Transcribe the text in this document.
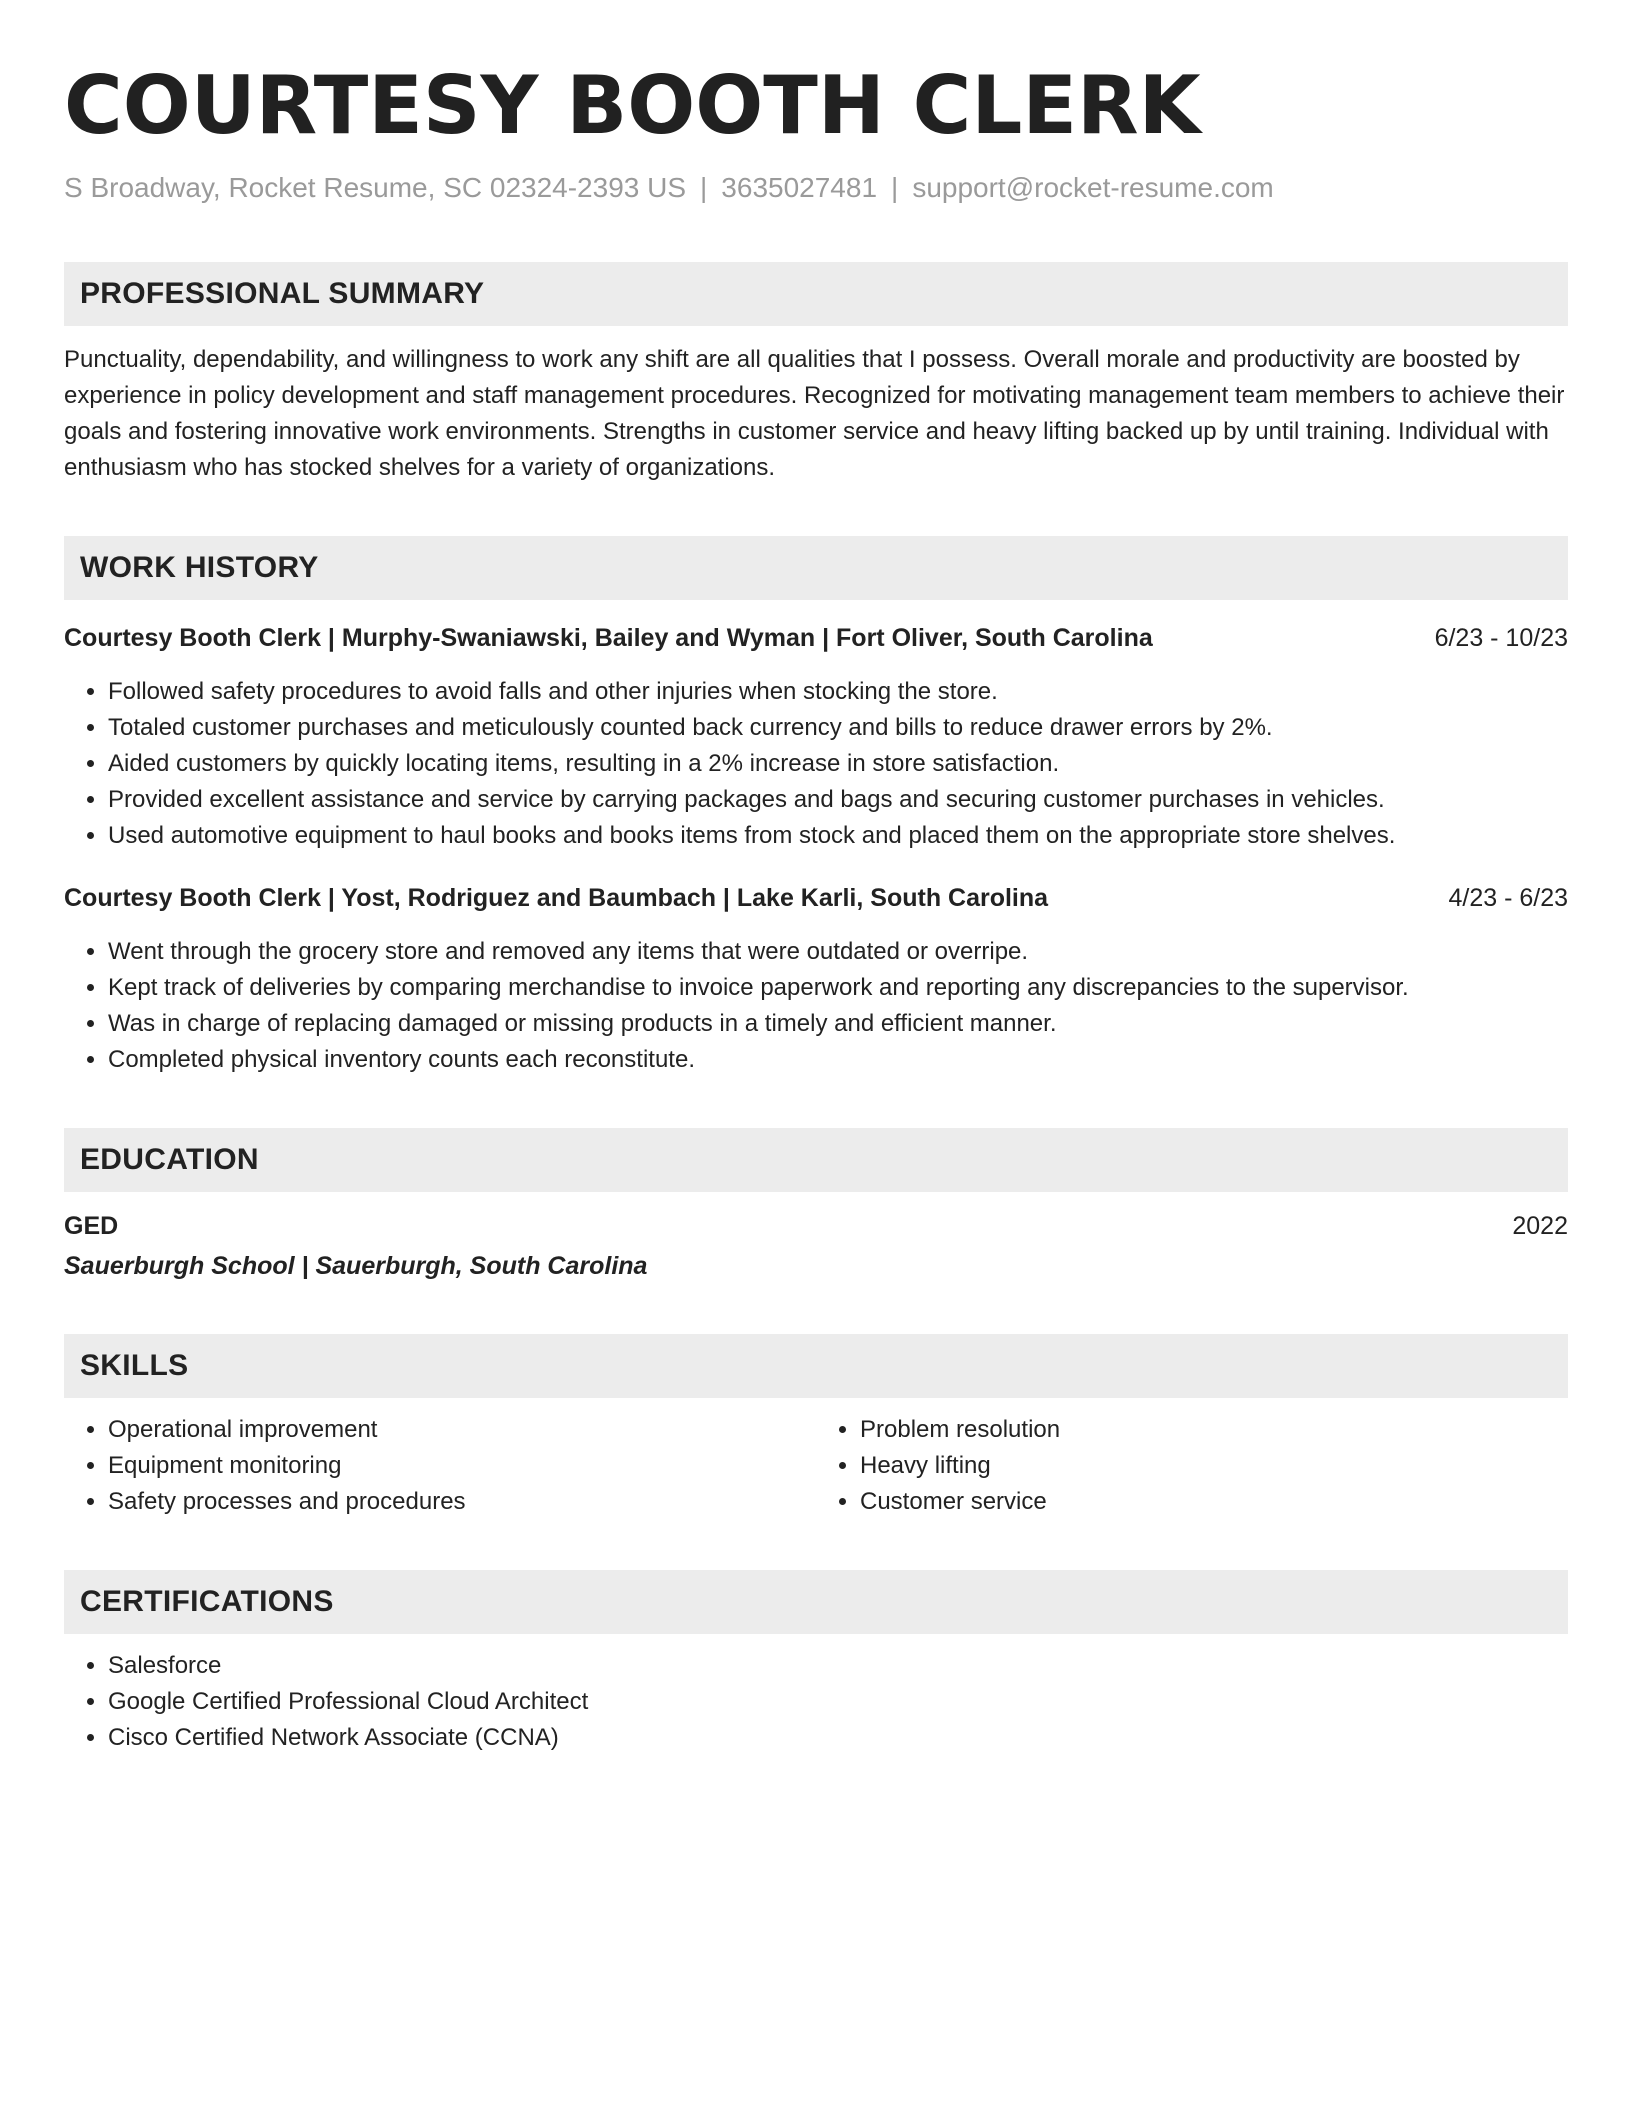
COURTESY BOOTH CLERK
S Broadway, Rocket Resume, SC 02324-2393 US | 3635027481 | support@rocket-resume.com
PROFESSIONAL SUMMARY
Punctuality, dependability, and willingness to work any shift are all qualities that I possess. Overall morale and productivity are boosted by experience in policy development and staff management procedures. Recognized for motivating management team members to achieve their goals and fostering innovative work environments. Strengths in customer service and heavy lifting backed up by until training. Individual with enthusiasm who has stocked shelves for a variety of organizations.
WORK HISTORY
Courtesy Booth Clerk | Murphy-Swaniawski, Bailey and Wyman | Fort Oliver, South Carolina	6/23 - 10/23
• Followed safety procedures to avoid falls and other injuries when stocking the store.
• Totaled customer purchases and meticulously counted back currency and bills to reduce drawer errors by 2%.
• Aided customers by quickly locating items, resulting in a 2% increase in store satisfaction.
• Provided excellent assistance and service by carrying packages and bags and securing customer purchases in vehicles.
• Used automotive equipment to haul books and books items from stock and placed them on the appropriate store shelves.
Courtesy Booth Clerk | Yost, Rodriguez and Baumbach | Lake Karli, South Carolina	4/23 - 6/23
• Went through the grocery store and removed any items that were outdated or overripe.
• Kept track of deliveries by comparing merchandise to invoice paperwork and reporting any discrepancies to the supervisor.
• Was in charge of replacing damaged or missing products in a timely and efficient manner.
• Completed physical inventory counts each reconstitute.
EDUCATION
GED	2022
Sauerburgh School | Sauerburgh, South Carolina
SKILLS
• Operational improvement
• Equipment monitoring
• Safety processes and procedures
• Problem resolution
• Heavy lifting
• Customer service
CERTIFICATIONS
• Salesforce
• Google Certified Professional Cloud Architect
• Cisco Certified Network Associate (CCNA)
